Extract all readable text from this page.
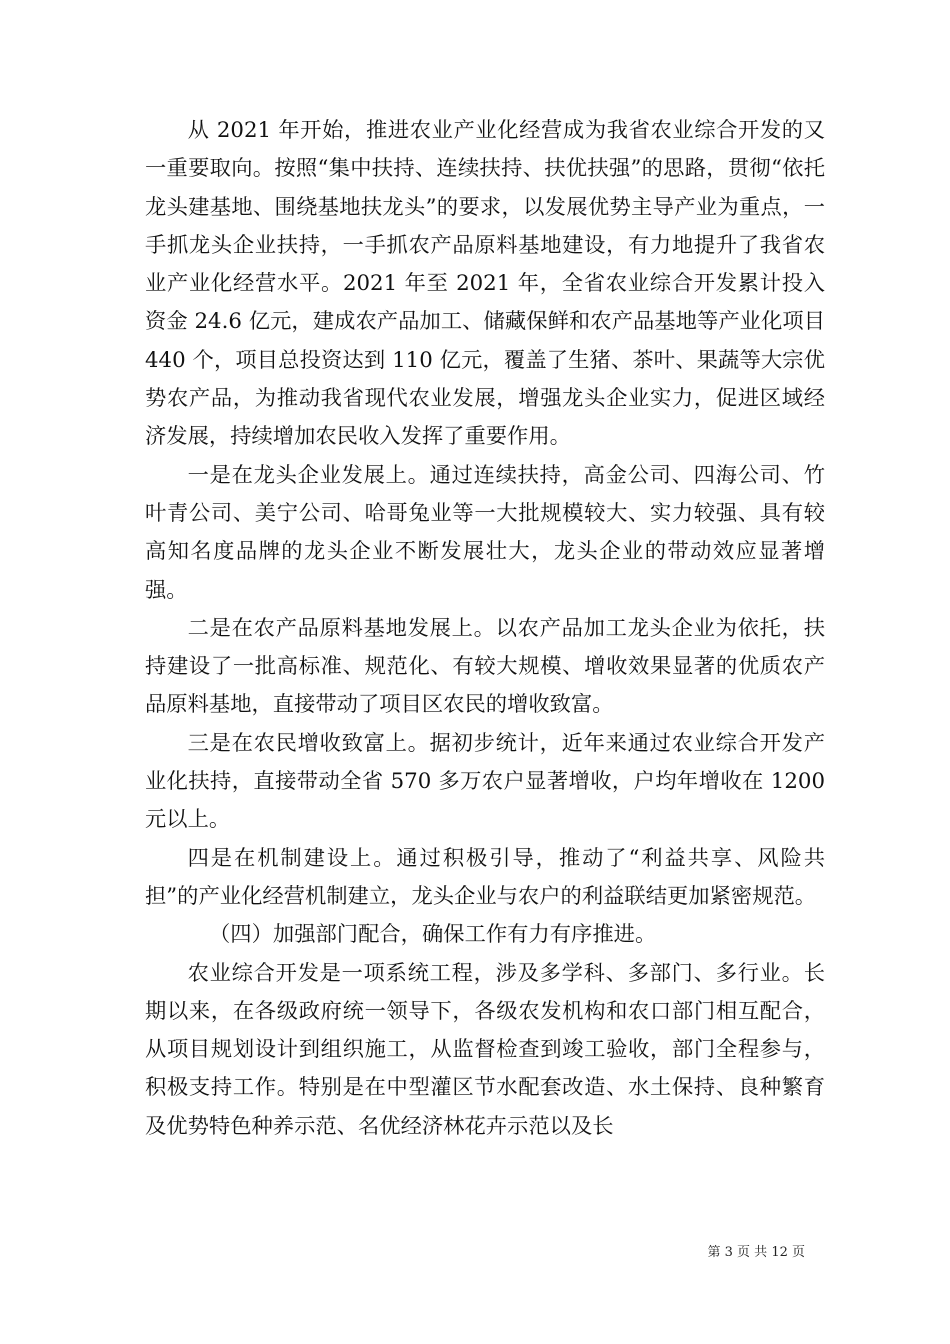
从 2021 年开始，推进农业产业化经营成为我省农业综合开发的又一重要取向。按照“集中扶持、连续扶持、扶优扶强”的思路，贯彻“依托龙头建基地、围绕基地扶龙头”的要求，以发展优势主导产业为重点，一手抓龙头企业扶持，一手抓农产品原料基地建设，有力地提升了我省农业产业化经营水平。2021 年至 2021 年，全省农业综合开发累计投入资金 24.6 亿元，建成农产品加工、储藏保鲜和农产品基地等产业化项目 440 个，项目总投资达到 110 亿元，覆盖了生猪、茶叶、果蔬等大宗优势农产品，为推动我省现代农业发展，增强龙头企业实力，促进区域经济发展，持续增加农民收入发挥了重要作用。

一是在龙头企业发展上。通过连续扶持，高金公司、四海公司、竹叶青公司、美宁公司、哈哥兔业等一大批规模较大、实力较强、具有较高知名度品牌的龙头企业不断发展壮大，龙头企业的带动效应显著增强。

二是在农产品原料基地发展上。以农产品加工龙头企业为依托，扶持建设了一批高标准、规范化、有较大规模、增收效果显著的优质农产品原料基地，直接带动了项目区农民的增收致富。

三是在农民增收致富上。据初步统计，近年来通过农业综合开发产业化扶持，直接带动全省 570 多万农户显著增收，户均年增收在 1200 元以上。

四是在机制建设上。通过积极引导，推动了“利益共享、风险共担”的产业化经营机制建立，龙头企业与农户的利益联结更加紧密规范。

（四）加强部门配合，确保工作有力有序推进。

农业综合开发是一项系统工程，涉及多学科、多部门、多行业。长期以来，在各级政府统一领导下，各级农发机构和农口部门相互配合，从项目规划设计到组织施工，从监督检查到竣工验收，部门全程参与，积极支持工作。特别是在中型灌区节水配套改造、水土保持、良种繁育及优势特色种养示范、名优经济林花卉示范以及长

第 3 页 共 12 页
